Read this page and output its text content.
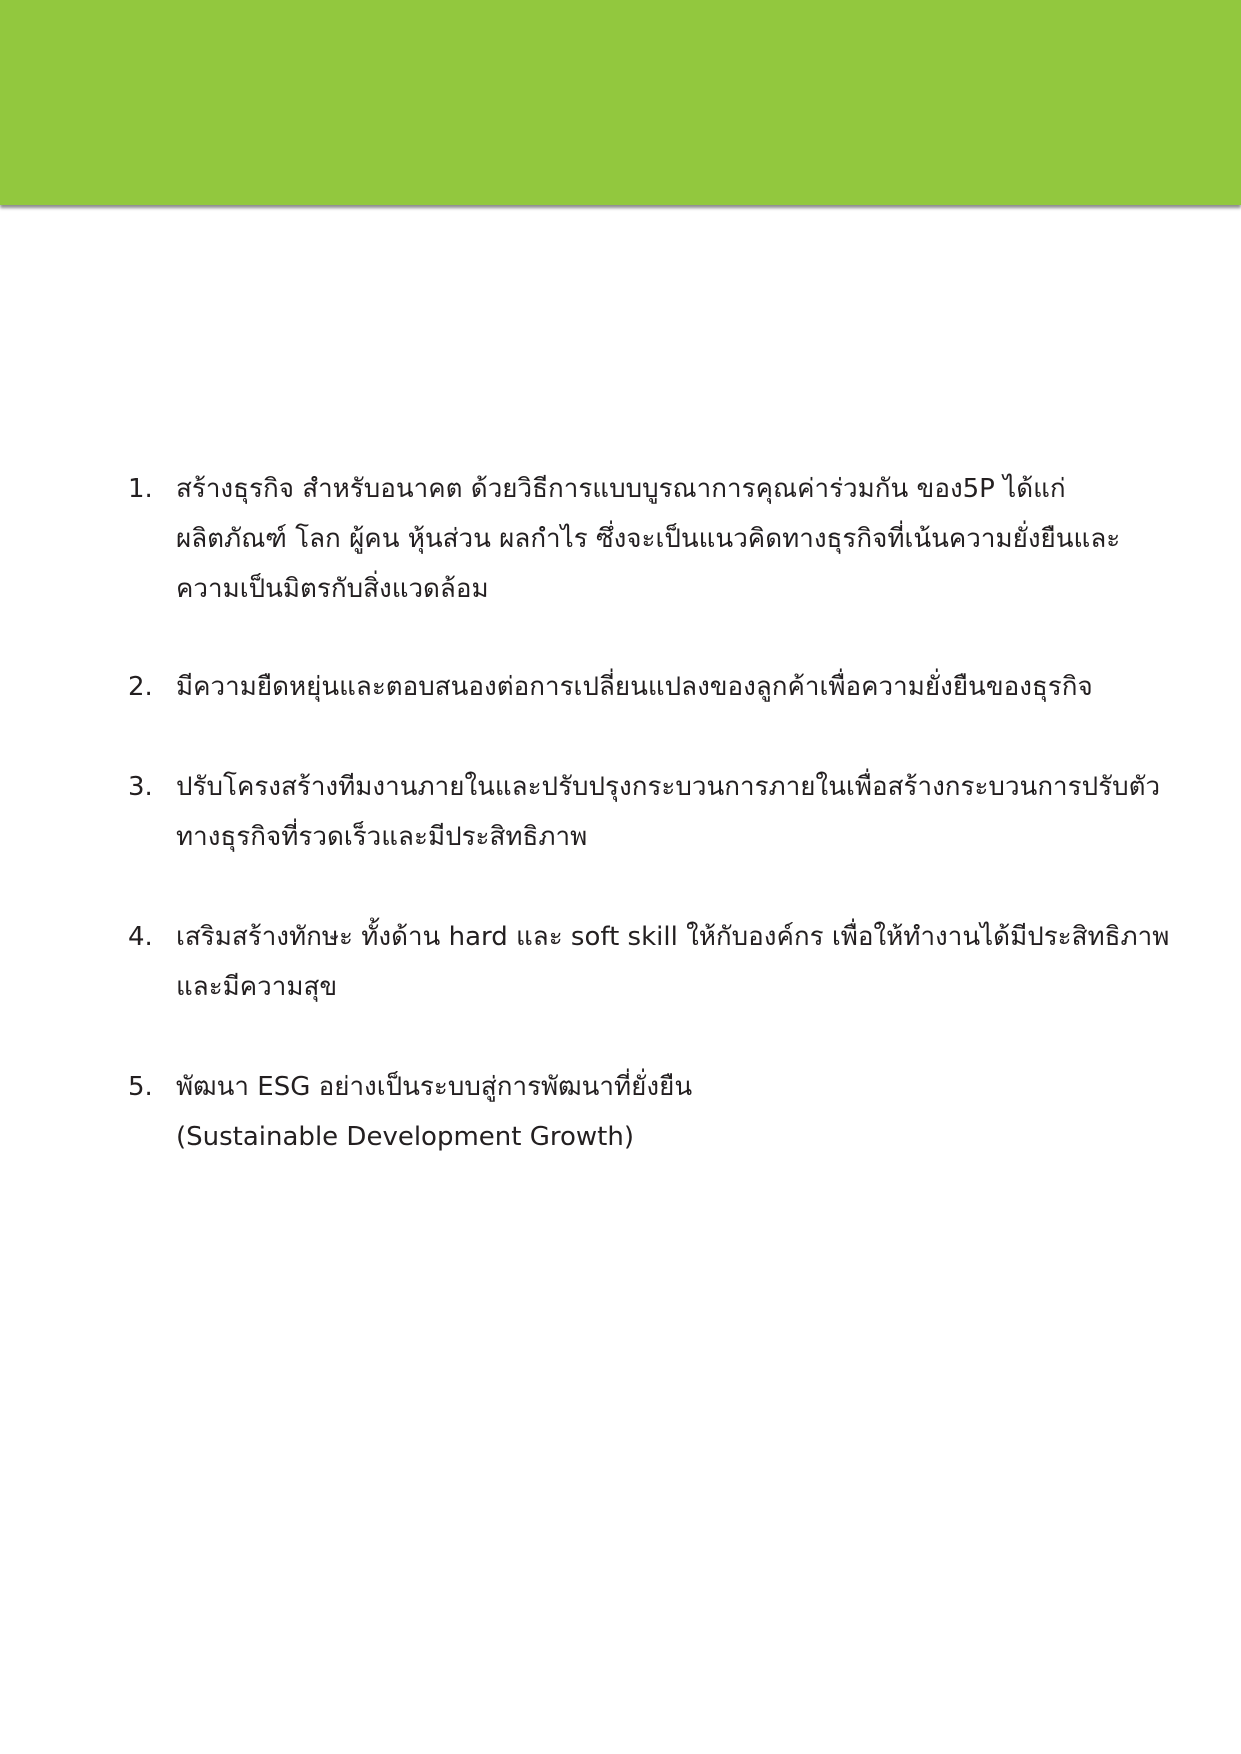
1. สร้างธุรกิจ สำหรับอนาคต ด้วยวิธีการแบบบูรณาการคุณค่าร่วมกัน ของ5P ได้แก่
ผลิตภัณฑ์ โลก ผู้คน หุ้นส่วน ผลกำไร ซึ่งจะเป็นแนวคิดทางธุรกิจที่เน้นความยั่งยืนและ
ความเป็นมิตรกับสิ่งแวดล้อม
2. มีความยืดหยุ่นและตอบสนองต่อการเปลี่ยนแปลงของลูกค้าเพื่อความยั่งยืนของธุรกิจ
3. ปรับโครงสร้างทีมงานภายในและปรับปรุงกระบวนการภายในเพื่อสร้างกระบวนการปรับตัว
ทางธุรกิจที่รวดเร็วและมีประสิทธิภาพ
4. เสริมสร้างทักษะ ทั้งด้าน hard และ soft skill ให้กับองค์กร เพื่อให้ทำงานได้มีประสิทธิภาพ
และมีความสุข
5. พัฒนา ESG อย่างเป็นระบบสู่การพัฒนาที่ยั่งยืน
(Sustainable Development Growth)
